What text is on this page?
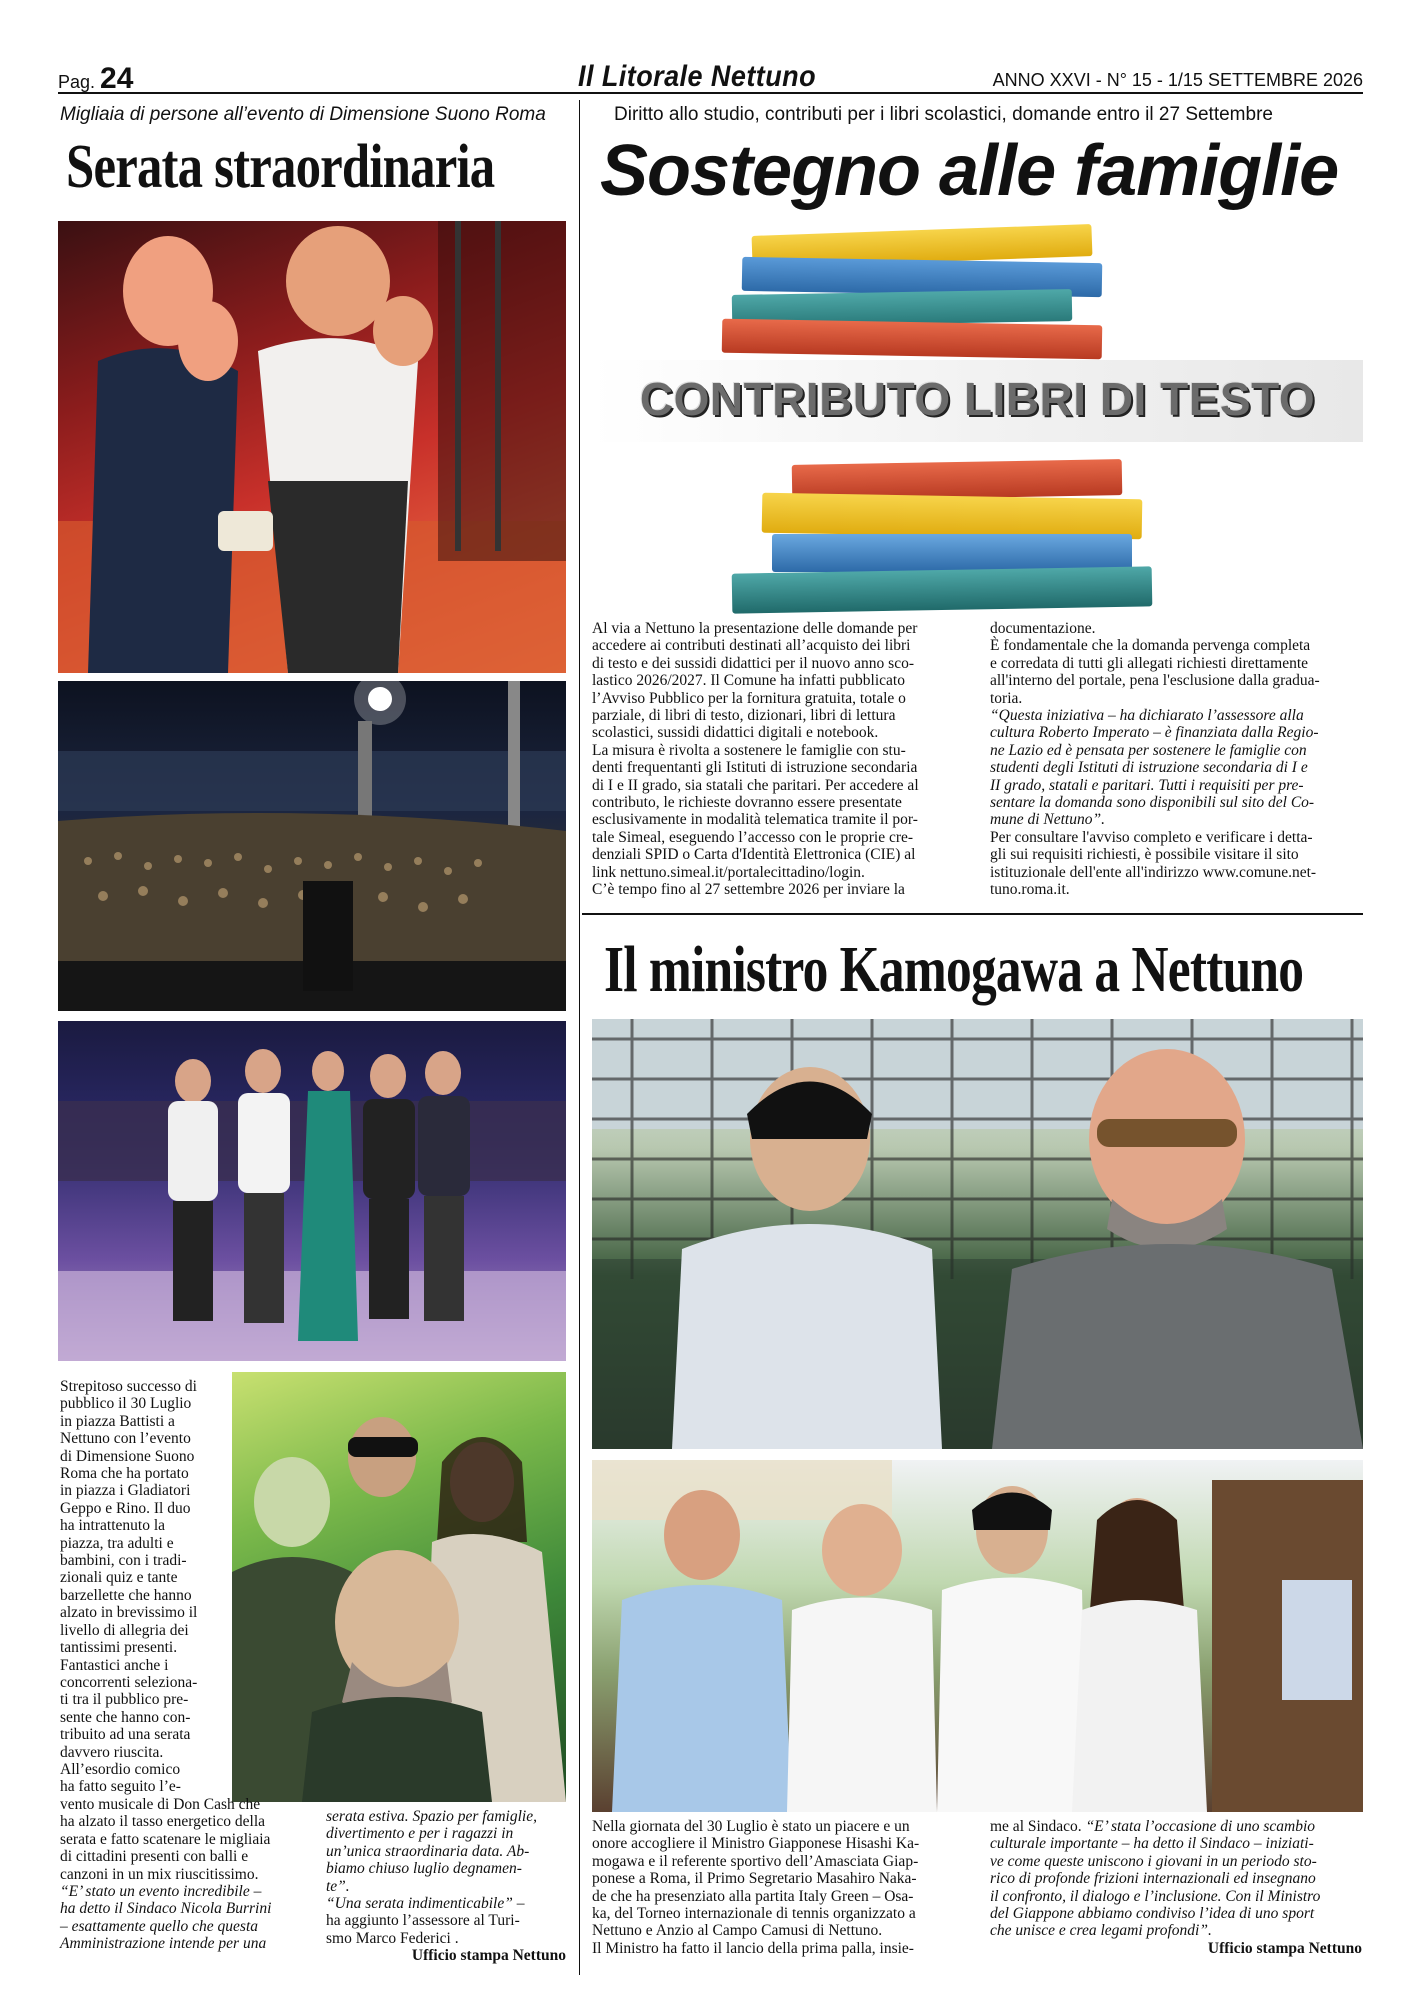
Pag. 24	Il Litorale Nettuno	ANNO XXVI - N° 15 - 1/15 SETTEMBRE 2026
Migliaia di persone all’evento di Dimensione Suono Roma
Serata straordinaria

Strepitoso successo di

pubblico il 30 Luglio

in piazza Battisti a

Nettuno con l’evento

di Dimensione Suono

Roma che ha portato

in piazza i Gladiatori

Geppo e Rino. Il duo

ha intrattenuto la

piazza, tra adulti e

bambini, con i tradi-

zionali quiz e tante

barzellette che hanno

alzato in brevissimo il

livello di allegria dei

tantissimi presenti.

Fantastici anche i

concorrenti seleziona-

ti tra il pubblico pre-

sente che hanno con-

tribuito ad una serata

davvero riuscita.

All’esordio comico

ha fatto seguito l’e-

vento musicale di Don Cash che

ha alzato il tasso energetico della

serata e fatto scatenare le migliaia

di cittadini presenti con balli e

canzoni in un mix riuscitissimo.

“E’ stato un evento incredibile –

ha detto il Sindaco Nicola Burrini

– esattamente quello che questa

Amministrazione intende per una

serata estiva. Spazio per famiglie,

divertimento e per i ragazzi in

un’unica straordinaria data. Ab-

biamo chiuso luglio degnamen-

te”.

“Una serata indimenticabile” –

ha aggiunto l’assessore al Turi-

smo Marco Federici .

Ufficio stampa Nettuno

Diritto allo studio, contributi per i libri scolastici, domande entro il 27 Settembre
Sostegno alle famiglie
CONTRIBUTO LIBRI DI TESTO

Al via a Nettuno la presentazione delle domande per

accedere ai contributi destinati all’acquisto dei libri

di testo e dei sussidi didattici per il nuovo anno sco-

lastico 2026/2027. Il Comune ha infatti pubblicato

l’Avviso Pubblico per la fornitura gratuita, totale o

parziale, di libri di testo, dizionari, libri di lettura

scolastici, sussidi didattici digitali e notebook.

La misura è rivolta a sostenere le famiglie con stu-

denti frequentanti gli Istituti di istruzione secondaria

di I e II grado, sia statali che paritari. Per accedere al

contributo, le richieste dovranno essere presentate

esclusivamente in modalità telematica tramite il por-

tale Simeal, eseguendo l’accesso con le proprie cre-

denziali SPID o Carta d'Identità Elettronica (CIE) al

link nettuno.simeal.it/portalecittadino/login.

C’è tempo fino al 27 settembre 2026 per inviare la

documentazione.

È fondamentale che la domanda pervenga completa

e corredata di tutti gli allegati richiesti direttamente

all'interno del portale, pena l'esclusione dalla gradua-

toria.

“Questa iniziativa – ha dichiarato l’assessore alla

cultura Roberto Imperato – è finanziata dalla Regio-

ne Lazio ed è pensata per sostenere le famiglie con

studenti degli Istituti di istruzione secondaria di I e

II grado, statali e paritari. Tutti i requisiti per pre-

sentare la domanda sono disponibili sul sito del Co-

mune di Nettuno”.

Per consultare l'avviso completo e verificare i detta-

gli sui requisiti richiesti, è possibile visitare il sito

istituzionale dell'ente all'indirizzo www.comune.net-

tuno.roma.it.

Il ministro Kamogawa a Nettuno

Nella giornata del 30 Luglio è stato un piacere e un

onore accogliere il Ministro Giapponese Hisashi Ka-

mogawa e il referente sportivo dell’Amasciata Giap-

ponese a Roma, il Primo Segretario Masahiro Naka-

de che ha presenziato alla partita Italy Green – Osa-

ka, del Torneo internazionale di tennis organizzato a

Nettuno e Anzio al Campo Camusi di Nettuno.

Il Ministro ha fatto il lancio della prima palla, insie-

me al Sindaco. “E’ stata l’occasione di uno scambio

culturale importante – ha detto il Sindaco – iniziati-

ve come queste uniscono i giovani in un periodo sto-

rico di profonde frizioni internazionali ed insegnano

il confronto, il dialogo e l’inclusione. Con il Ministro

del Giappone abbiamo condiviso l’idea di uno sport

che unisce e crea legami profondi”.

Ufficio stampa Nettuno
